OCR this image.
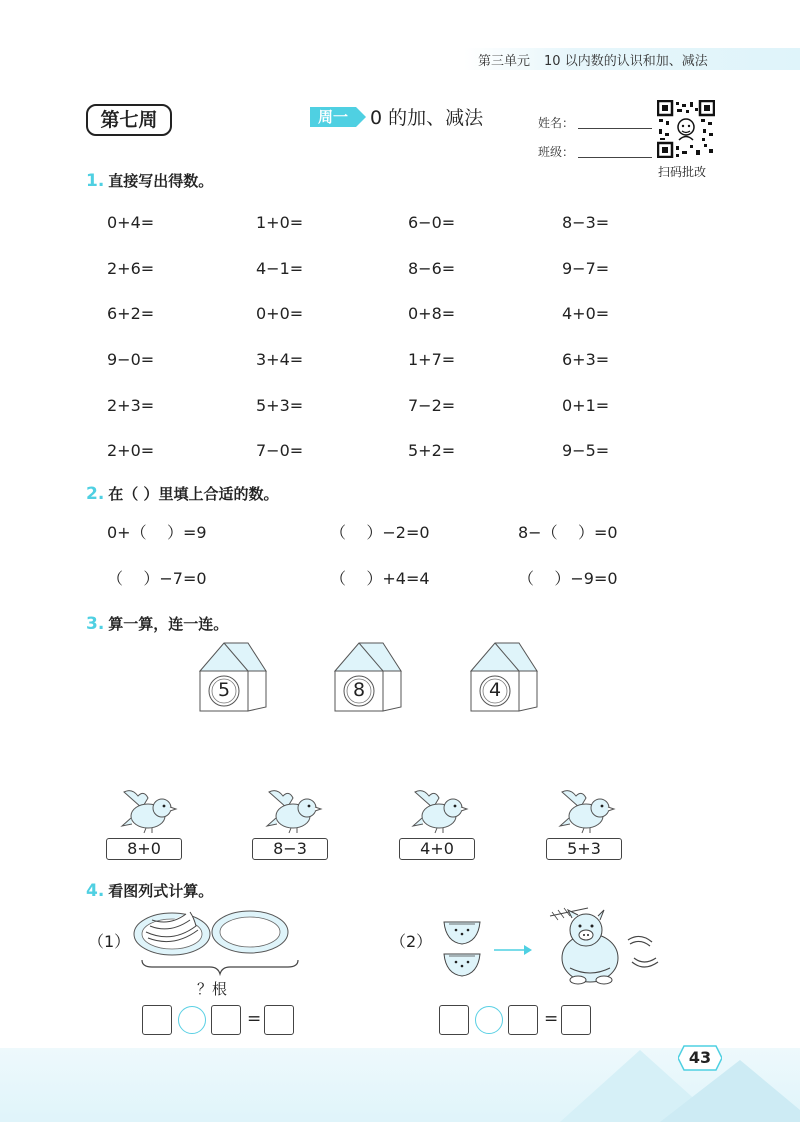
第三单元 10 以内数的认识和加、减法
第七周	周一	0 的加、减法	姓名：
班级：
扫码批改
1. 直接写出得数。
0+4=	1+0=	6−0=	8−3=
2+6=	4−1=	8−6=	9−7=
6+2=	0+0=	0+8=	4+0=
9−0=	3+4=	1+7=	6+3=
2+3=	5+3=	7−2=	0+1=
2+0=	7−0=	5+2=	9−5=
2. 在（ ）里填上合适的数。
0+（    ）=9	（    ）−2=0	8−（    ）=0
（    ）−7=0	（    ）+4=4	（    ）−9=0
3. 算一算，连一连。
5	8	4
8+0	8−3	4+0	5+3
4. 看图列式计算。
（1）
？根
=
（2）
=
43
